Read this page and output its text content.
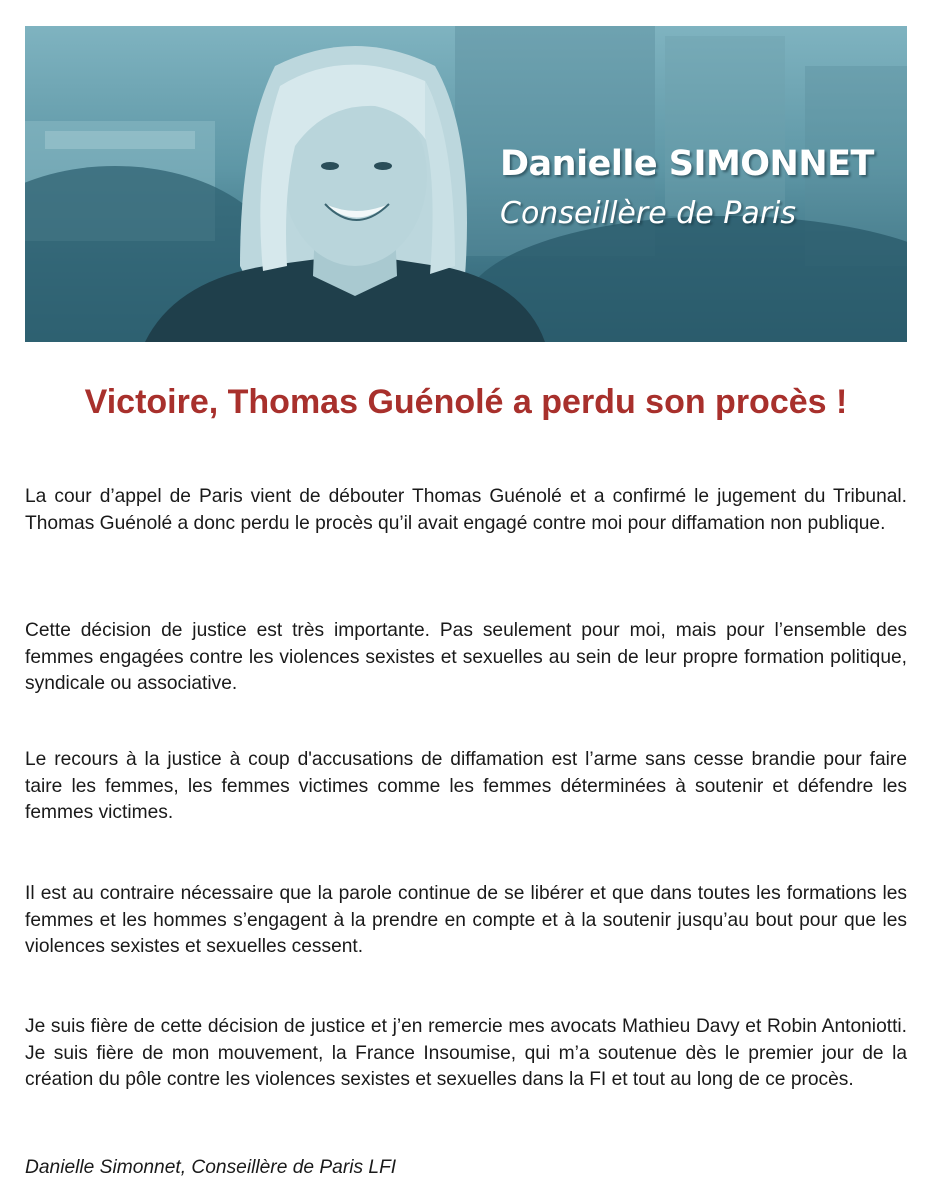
Danielle SIMONNET
Conseillère de Paris
Victoire, Thomas Guénolé a perdu son procès !

La cour d’appel de Paris vient de débouter Thomas Guénolé et a confirmé le jugement du Tribunal. Thomas Guénolé a donc perdu le procès qu’il avait engagé contre moi pour diffamation non publique.

Cette décision de justice est très importante. Pas seulement pour moi, mais pour l’ensemble des femmes engagées contre les violences sexistes et sexuelles au sein de leur propre formation politique, syndicale ou associative.

Le recours à la justice à coup d'accusations de diffamation est l’arme sans cesse brandie pour faire taire les femmes, les femmes victimes comme les femmes déterminées à soutenir et défendre les femmes victimes.

Il est au contraire nécessaire que la parole continue de se libérer et que dans toutes les formations les femmes et les hommes s’engagent à la prendre en compte et à la soutenir jusqu’au bout pour que les violences sexistes et sexuelles cessent.

Je suis fière de cette décision de justice et j’en remercie mes avocats Mathieu Davy et Robin Antoniotti. Je suis fière de mon mouvement, la France Insoumise, qui m’a soutenue dès le premier jour de la création du pôle contre les violences sexistes et sexuelles dans la FI et tout au long de ce procès.

Danielle Simonnet, Conseillère de Paris LFI
